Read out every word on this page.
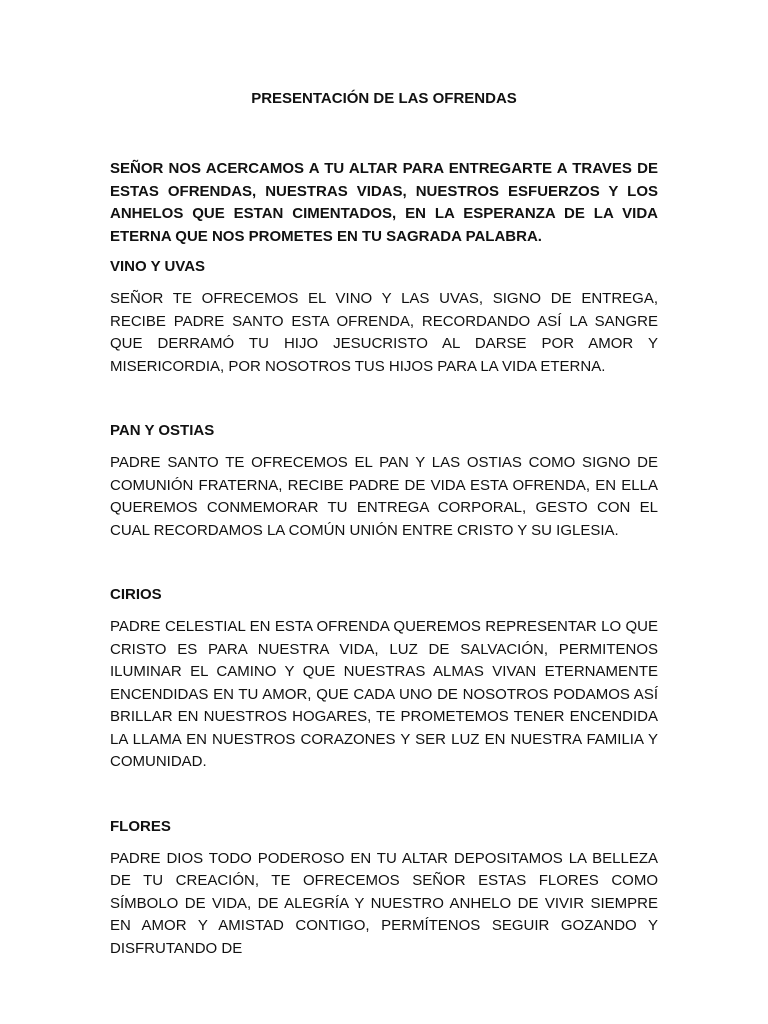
PRESENTACIÓN DE LAS OFRENDAS

SEÑOR NOS ACERCAMOS A TU ALTAR PARA ENTREGARTE A TRAVES DE ESTAS OFRENDAS, NUESTRAS VIDAS, NUESTROS ESFUERZOS Y LOS ANHELOS QUE ESTAN CIMENTADOS, EN LA ESPERANZA DE LA VIDA ETERNA QUE NOS PROMETES EN TU SAGRADA PALABRA.

VINO Y UVAS

SEÑOR TE OFRECEMOS EL VINO Y LAS UVAS, SIGNO DE ENTREGA, RECIBE PADRE SANTO ESTA OFRENDA, RECORDANDO ASÍ LA SANGRE QUE DERRAMÓ TU HIJO JESUCRISTO AL DARSE POR AMOR Y MISERICORDIA, POR NOSOTROS TUS HIJOS PARA LA VIDA ETERNA.

PAN Y OSTIAS

PADRE SANTO TE OFRECEMOS EL PAN Y LAS OSTIAS COMO SIGNO DE COMUNIÓN FRATERNA, RECIBE PADRE DE VIDA ESTA OFRENDA, EN ELLA QUEREMOS CONMEMORAR TU ENTREGA CORPORAL, GESTO CON EL CUAL RECORDAMOS LA COMÚN UNIÓN ENTRE CRISTO Y SU IGLESIA.

CIRIOS

PADRE CELESTIAL EN ESTA OFRENDA QUEREMOS REPRESENTAR LO QUE CRISTO ES PARA NUESTRA VIDA, LUZ DE SALVACIÓN, PERMITENOS ILUMINAR EL CAMINO Y QUE NUESTRAS ALMAS VIVAN ETERNAMENTE ENCENDIDAS EN TU AMOR, QUE CADA UNO DE NOSOTROS PODAMOS ASÍ BRILLAR EN NUESTROS HOGARES, TE PROMETEMOS TENER ENCENDIDA LA LLAMA EN NUESTROS CORAZONES Y SER LUZ EN NUESTRA FAMILIA Y COMUNIDAD.

FLORES

PADRE DIOS TODO PODEROSO EN TU ALTAR DEPOSITAMOS LA BELLEZA DE TU CREACIÓN, TE OFRECEMOS SEÑOR ESTAS FLORES COMO SÍMBOLO DE VIDA, DE ALEGRÍA Y NUESTRO ANHELO DE VIVIR SIEMPRE EN AMOR Y AMISTAD CONTIGO, PERMÍTENOS SEGUIR GOZANDO Y DISFRUTANDO DE
